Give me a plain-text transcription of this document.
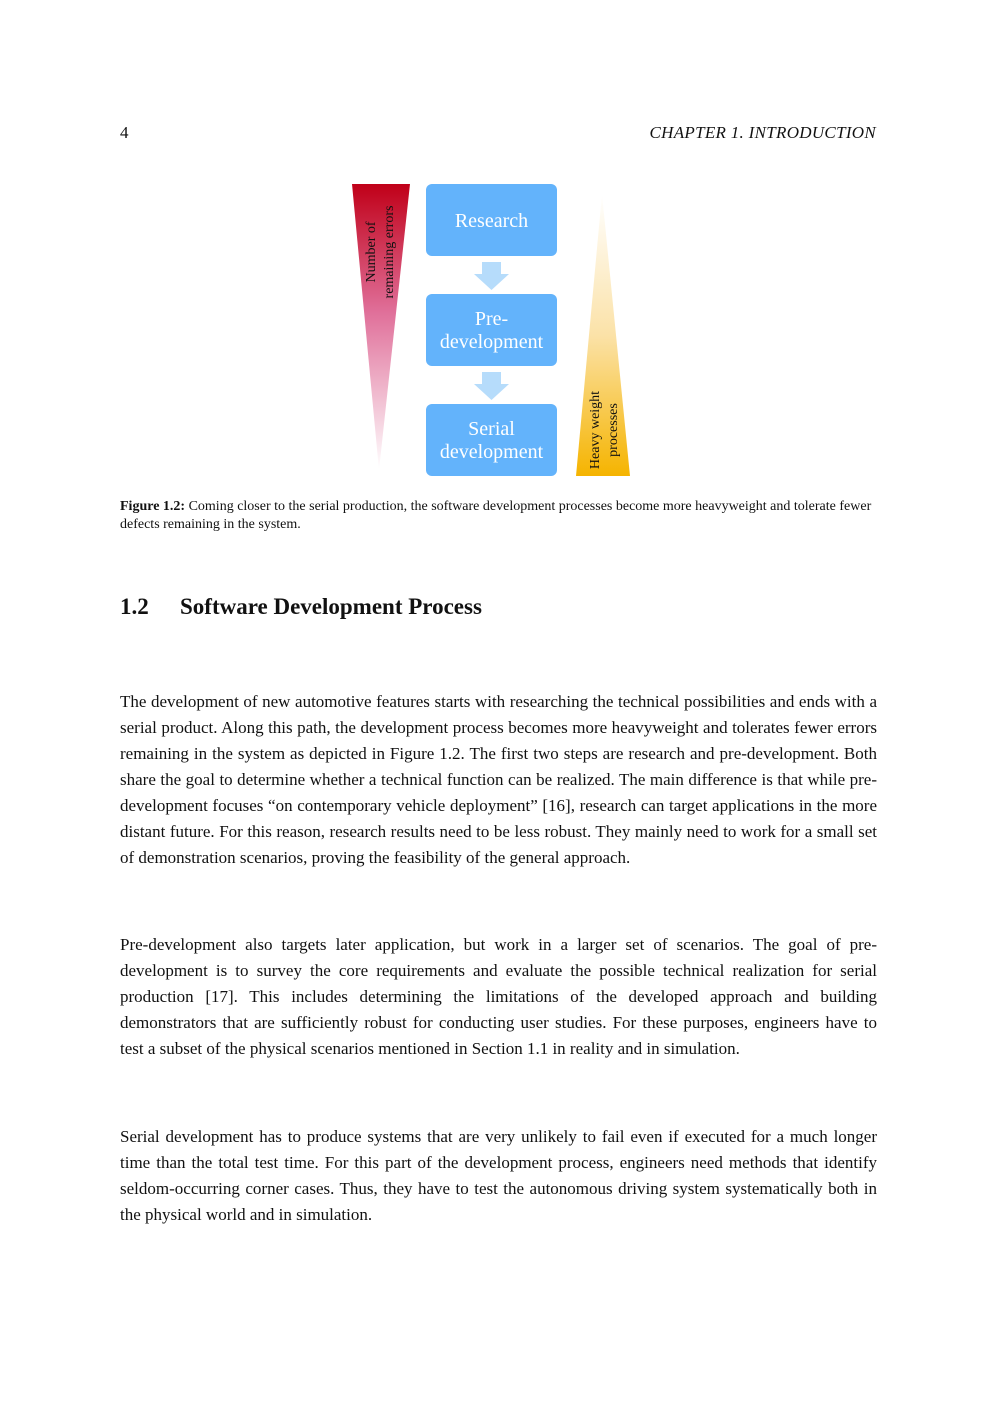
4	CHAPTER 1. INTRODUCTION
Number of remaining errors
Heavy weight processes
Research
Pre-
development
Serial
development
Figure 1.2: Coming closer to the serial production, the software development processes become more heavyweight and tolerate fewer defects remaining in the system.
1.2 Software Development Process

The development of new automotive features starts with researching the technical possibilities and ends with a serial product. Along this path, the development process becomes more heavyweight and tolerates fewer errors remaining in the system as depicted in Figure 1.2. The first two steps are research and pre-development. Both share the goal to determine whether a technical function can be realized. The main difference is that while pre-development focuses “on contemporary vehicle deployment” [16], research can target applications in the more distant future. For this reason, research results need to be less robust. They mainly need to work for a small set of demonstration scenarios, proving the feasibility of the general approach.

Pre-development also targets later application, but work in a larger set of scenarios. The goal of pre-development is to survey the core requirements and evaluate the possible technical realization for serial production [17]. This includes determining the limitations of the developed approach and building demonstrators that are sufficiently robust for conducting user studies. For these purposes, engineers have to test a subset of the physical scenarios mentioned in Section 1.1 in reality and in simulation.

Serial development has to produce systems that are very unlikely to fail even if executed for a much longer time than the total test time. For this part of the development process, engineers need methods that identify seldom-occurring corner cases. Thus, they have to test the autonomous driving system systematically both in the physical world and in simulation.
